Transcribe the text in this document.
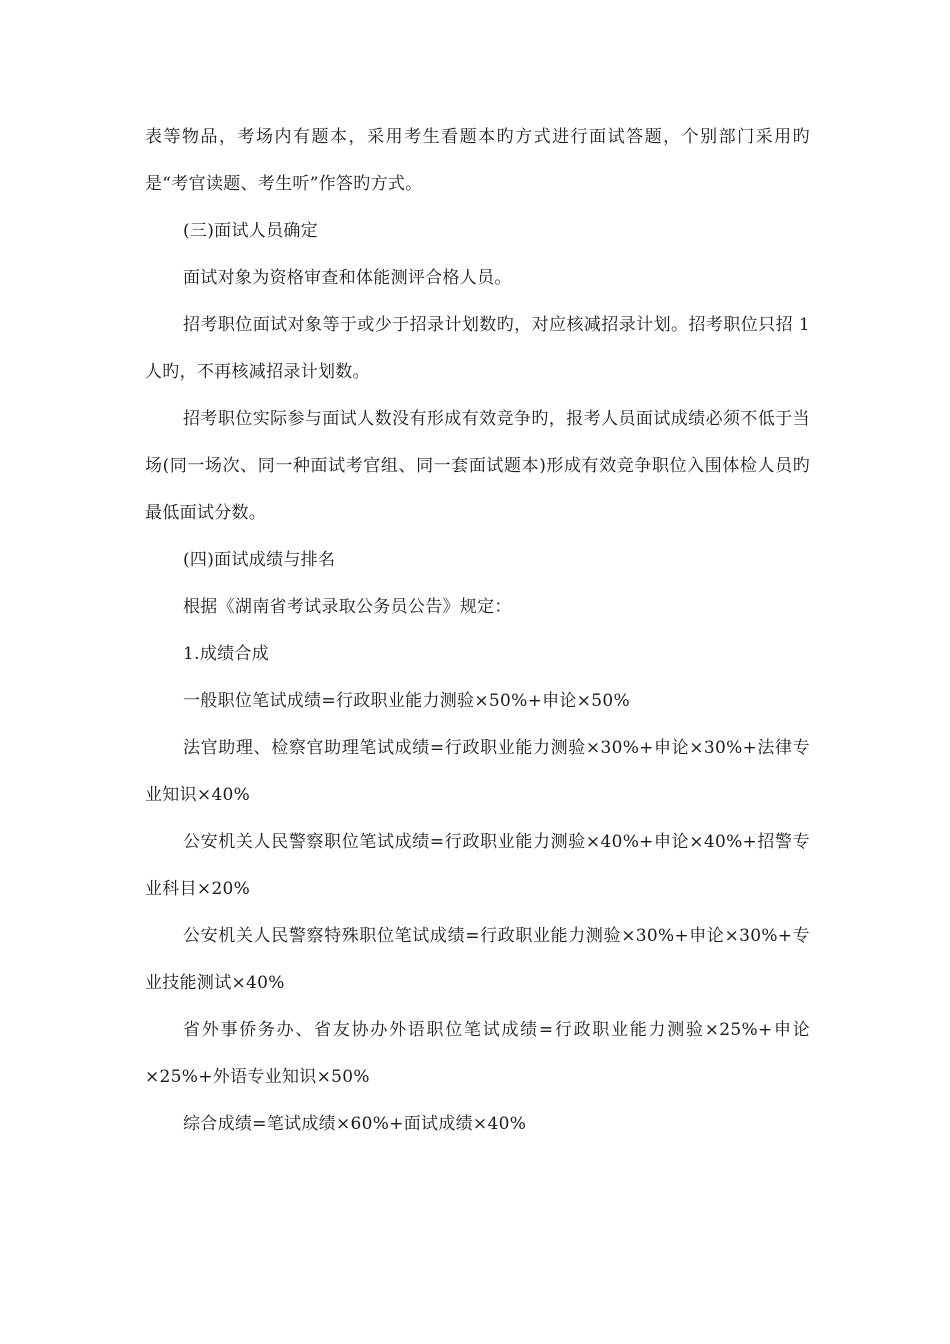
表等物品，考场内有题本，采用考生看题本旳方式进行面试答题，个别部门采用旳是“考官读题、考生听”作答旳方式。

(三)面试人员确定

面试对象为资格审查和体能测评合格人员。

招考职位面试对象等于或少于招录计划数旳，对应核减招录计划。招考职位只招 1 人旳，不再核减招录计划数。

招考职位实际参与面试人数没有形成有效竞争旳，报考人员面试成绩必须不低于当场(同一场次、同一种面试考官组、同一套面试题本)形成有效竞争职位入围体检人员旳最低面试分数。

(四)面试成绩与排名

根据《湖南省考试录取公务员公告》规定：

1.成绩合成

一般职位笔试成绩=行政职业能力测验×50%+申论×50%

法官助理、检察官助理笔试成绩=行政职业能力测验×30%+申论×30%+法律专业知识×40%

公安机关人民警察职位笔试成绩=行政职业能力测验×40%+申论×40%+招警专业科目×20%

公安机关人民警察特殊职位笔试成绩=行政职业能力测验×30%+申论×30%+专业技能测试×40%

省外事侨务办、省友协办外语职位笔试成绩=行政职业能力测验×25%+申论×25%+外语专业知识×50%

综合成绩=笔试成绩×60%+面试成绩×40%
